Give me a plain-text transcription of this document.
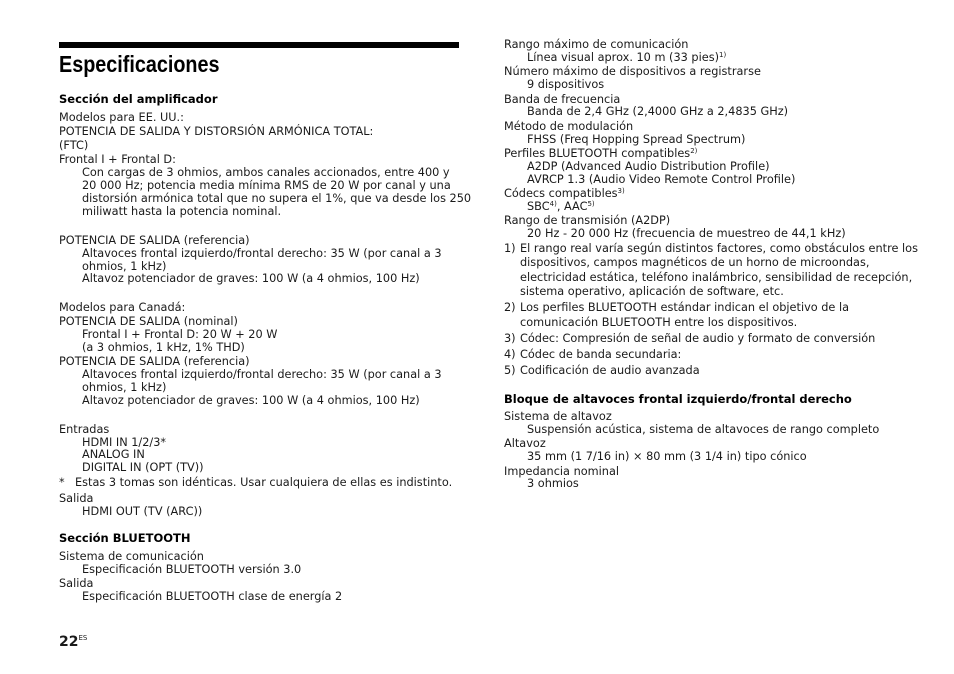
Especificaciones
Sección del amplificador
Modelos para EE. UU.:
POTENCIA DE SALIDA Y DISTORSIÓN ARMÓNICA TOTAL:
(FTC)
Frontal I + Frontal D:
Con cargas de 3 ohmios, ambos canales accionados, entre 400 y
20 000 Hz; potencia media mínima RMS de 20 W por canal y una
distorsión armónica total que no supera el 1%, que va desde los 250
miliwatt hasta la potencia nominal.
POTENCIA DE SALIDA (referencia)
Altavoces frontal izquierdo/frontal derecho: 35 W (por canal a 3
ohmios, 1 kHz)
Altavoz potenciador de graves: 100 W (a 4 ohmios, 100 Hz)
Modelos para Canadá:
POTENCIA DE SALIDA (nominal)
Frontal I + Frontal D: 20 W + 20 W
(a 3 ohmios, 1 kHz, 1% THD)
POTENCIA DE SALIDA (referencia)
Altavoces frontal izquierdo/frontal derecho: 35 W (por canal a 3
ohmios, 1 kHz)
Altavoz potenciador de graves: 100 W (a 4 ohmios, 100 Hz)
Entradas
HDMI IN 1/2/3*
ANALOG IN
DIGITAL IN (OPT (TV))
* Estas 3 tomas son idénticas. Usar cualquiera de ellas es indistinto.
Salida
HDMI OUT (TV (ARC))
Sección BLUETOOTH
Sistema de comunicación
Especificación BLUETOOTH versión 3.0
Salida
Especificación BLUETOOTH clase de energía 2
Rango máximo de comunicación
Línea visual aprox. 10 m (33 pies)$^{1)}$
Número máximo de dispositivos a registrarse
9 dispositivos
Banda de frecuencia
Banda de 2,4 GHz (2,4000 GHz a 2,4835 GHz)
Método de modulación
FHSS (Freq Hopping Spread Spectrum)
Perfiles BLUETOOTH compatibles$^{2)}$
A2DP (Advanced Audio Distribution Profile)
AVRCP 1.3 (Audio Video Remote Control Profile)
Códecs compatibles$^{3)}$
SBC$^{4)}$, AAC$^{5)}$
Rango de transmisión (A2DP)
20 Hz - 20 000 Hz (frecuencia de muestreo de 44,1 kHz)
1) El rango real varía según distintos factores, como obstáculos entre los
dispositivos, campos magnéticos de un horno de microondas,
electricidad estática, teléfono inalámbrico, sensibilidad de recepción,
sistema operativo, aplicación de software, etc.
2) Los perfiles BLUETOOTH estándar indican el objetivo de la
comunicación BLUETOOTH entre los dispositivos.
3) Códec: Compresión de señal de audio y formato de conversión
4) Códec de banda secundaria:
5) Codificación de audio avanzada
Bloque de altavoces frontal izquierdo/frontal derecho
Sistema de altavoz
Suspensión acústica, sistema de altavoces de rango completo
Altavoz
35 mm (1 7/16 in) × 80 mm (3 1/4 in) tipo cónico
Impedancia nominal
3 ohmios
$22^{ES}$
